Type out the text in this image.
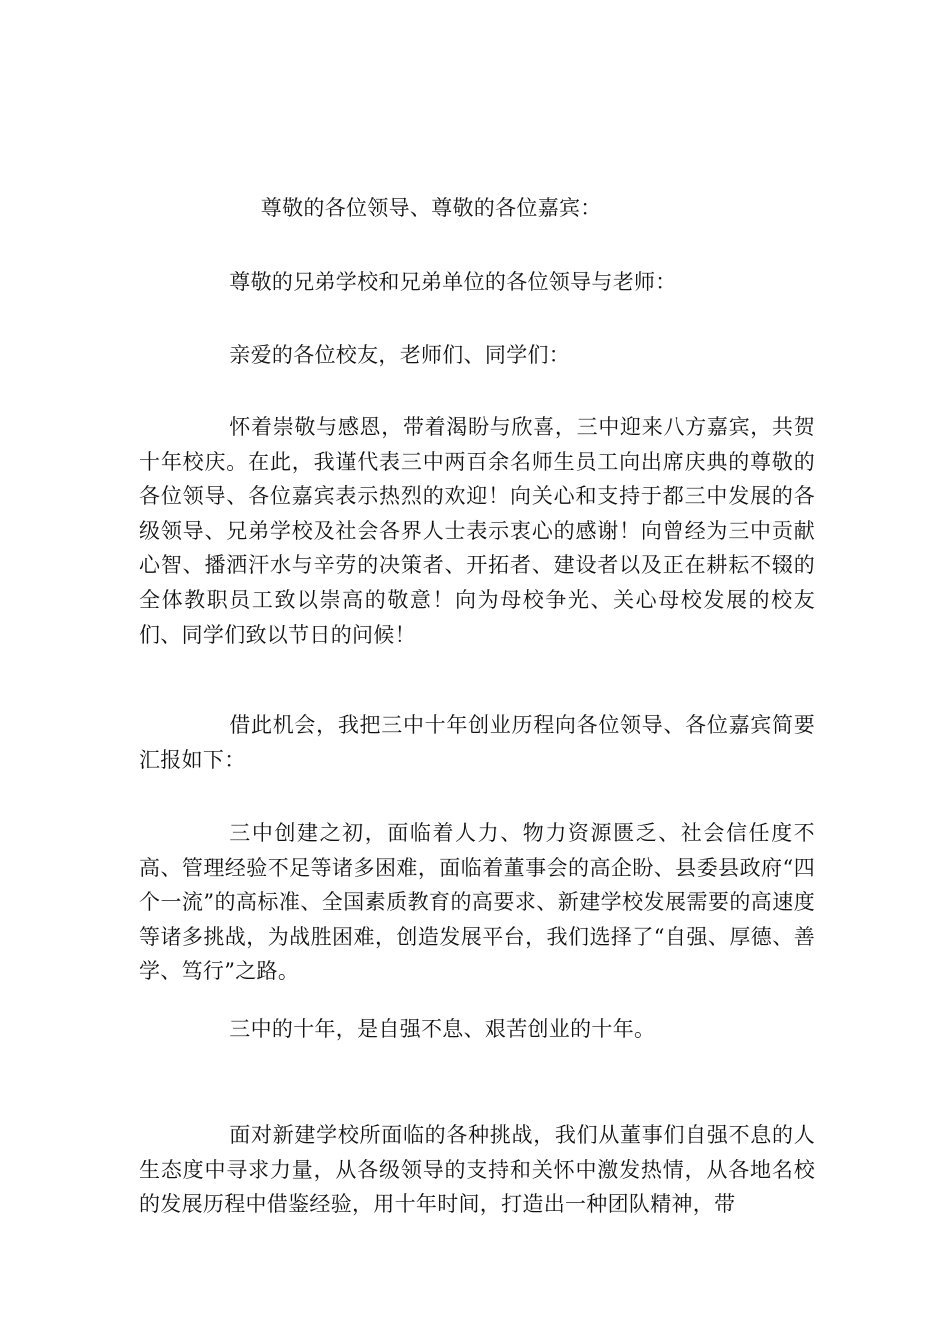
尊敬的各位领导、尊敬的各位嘉宾：

尊敬的兄弟学校和兄弟单位的各位领导与老师：

亲爱的各位校友，老师们、同学们：

怀着崇敬与感恩，带着渴盼与欣喜，三中迎来八方嘉宾，共贺十年校庆。在此，我谨代表三中两百余名师生员工向出席庆典的尊敬的各位领导、各位嘉宾表示热烈的欢迎！向关心和支持于都三中发展的各级领导、兄弟学校及社会各界人士表示衷心的感谢！向曾经为三中贡献心智、播洒汗水与辛劳的决策者、开拓者、建设者以及正在耕耘不辍的全体教职员工致以崇高的敬意！向为母校争光、关心母校发展的校友们、同学们致以节日的问候！

借此机会，我把三中十年创业历程向各位领导、各位嘉宾简要汇报如下：

三中创建之初，面临着人力、物力资源匮乏、社会信任度不高、管理经验不足等诸多困难，面临着董事会的高企盼、县委县政府“四个一流”的高标准、全国素质教育的高要求、新建学校发展需要的高速度等诸多挑战，为战胜困难，创造发展平台，我们选择了“自强、厚德、善学、笃行”之路。

三中的十年，是自强不息、艰苦创业的十年。

面对新建学校所面临的各种挑战，我们从董事们自强不息的人生态度中寻求力量，从各级领导的支持和关怀中激发热情，从各地名校的发展历程中借鉴经验，用十年时间，打造出一种团队精神，带
